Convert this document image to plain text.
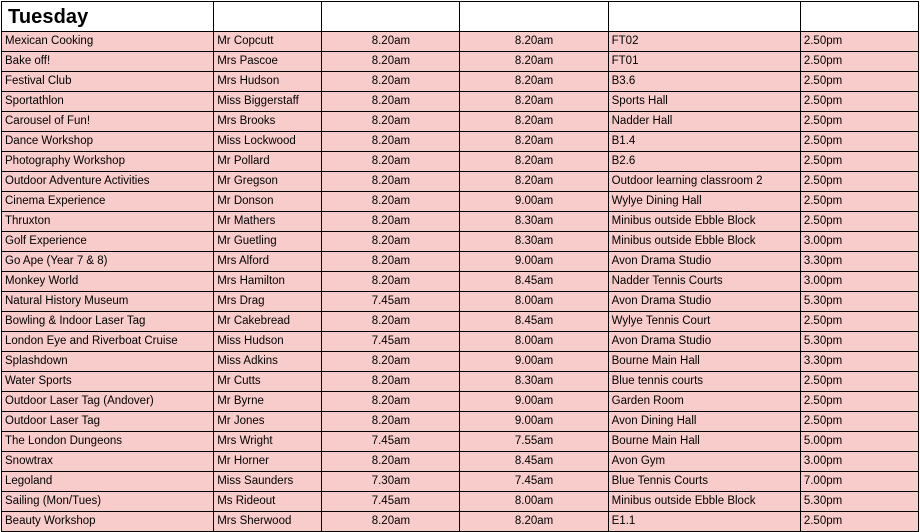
Tuesday					
Mexican Cooking	Mr Copcutt	8.20am	8.20am	FT02	2.50pm
Bake off!	Mrs Pascoe	8.20am	8.20am	FT01	2.50pm
Festival Club	Mrs Hudson	8.20am	8.20am	B3.6	2.50pm
Sportathlon	Miss Biggerstaff	8.20am	8.20am	Sports Hall	2.50pm
Carousel of Fun!	Mrs Brooks	8.20am	8.20am	Nadder Hall	2.50pm
Dance Workshop	Miss Lockwood	8.20am	8.20am	B1.4	2.50pm
Photography Workshop	Mr Pollard	8.20am	8.20am	B2.6	2.50pm
Outdoor Adventure Activities	Mr Gregson	8.20am	8.20am	Outdoor learning classroom 2	2.50pm
Cinema Experience	Mr Donson	8.20am	9.00am	Wylye Dining Hall	2.50pm
Thruxton	Mr Mathers	8.20am	8.30am	Minibus outside Ebble Block	2.50pm
Golf Experience	Mr Guetling	8.20am	8.30am	Minibus outside Ebble Block	3.00pm
Go Ape (Year 7 & 8)	Mrs Alford	8.20am	9.00am	Avon Drama Studio	3.30pm
Monkey World	Mrs Hamilton	8.20am	8.45am	Nadder Tennis Courts	3.00pm
Natural History Museum	Mrs Drag	7.45am	8.00am	Avon Drama Studio	5.30pm
Bowling & Indoor Laser Tag	Mr Cakebread	8.20am	8.45am	Wylye Tennis Court	2.50pm
London Eye and Riverboat Cruise	Miss Hudson	7.45am	8.00am	Avon Drama Studio	5.30pm
Splashdown	Miss Adkins	8.20am	9.00am	Bourne Main Hall	3.30pm
Water Sports	Mr Cutts	8.20am	8.30am	Blue tennis courts	2.50pm
Outdoor Laser Tag (Andover)	Mr Byrne	8.20am	9.00am	Garden Room	2.50pm
Outdoor Laser Tag	Mr Jones	8.20am	9.00am	Avon Dining Hall	2.50pm
The London Dungeons	Mrs Wright	7.45am	7.55am	Bourne Main Hall	5.00pm
Snowtrax	Mr Horner	8.20am	8.45am	Avon Gym	3.00pm
Legoland	Miss Saunders	7.30am	7.45am	Blue Tennis Courts	7.00pm
Sailing (Mon/Tues)	Ms Rideout	7.45am	8.00am	Minibus outside Ebble Block	5.30pm
Beauty Workshop	Mrs Sherwood	8.20am	8.20am	E1.1	2.50pm
